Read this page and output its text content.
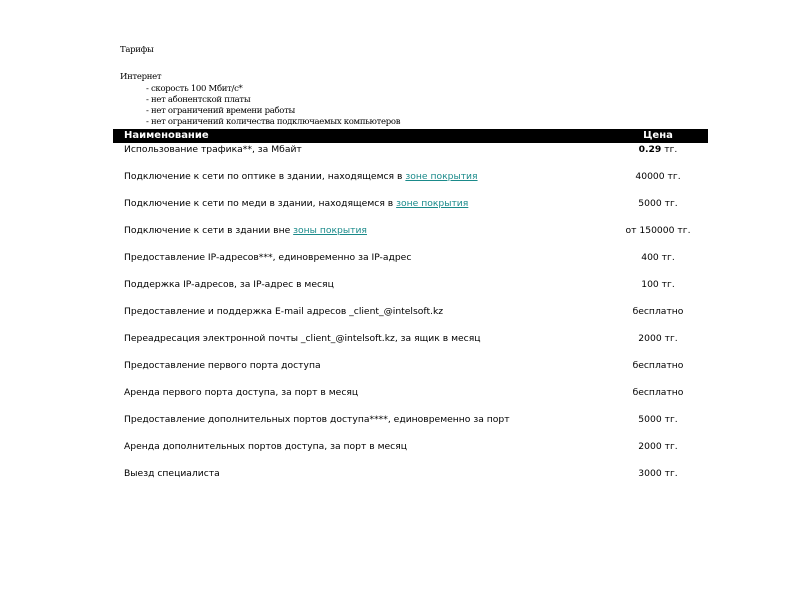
Тарифы
Интернет
- скорость 100 Мбит/с*
- нет абонентской платы
- нет ограничений времени работы
- нет ограничений количества подключаемых компьютеров
Наименование	Цена
Использование трафика**, за Мбайт	0.29 тг.
Подключение к сети по оптике в здании, находящемся в зоне покрытия	40000 тг.
Подключение к сети по меди в здании, находящемся в зоне покрытия	5000 тг.
Подключение к сети в здании вне зоны покрытия	от 150000 тг.
Предоставление IP-адресов***, единовременно за IP-адрес	400 тг.
Поддержка IP-адресов, за IP-адрес в месяц	100 тг.
Предоставление и поддержка E-mail адресов _client_@intelsoft.kz	бесплатно
Переадресация электронной почты _client_@intelsoft.kz, за ящик в месяц	2000 тг.
Предоставление первого порта доступа	бесплатно
Аренда первого порта доступа, за порт в месяц	бесплатно
Предоставление дополнительных портов доступа****, единовременно за порт	5000 тг.
Аренда дополнительных портов доступа, за порт в месяц	2000 тг.
Выезд специалиста	3000 тг.
